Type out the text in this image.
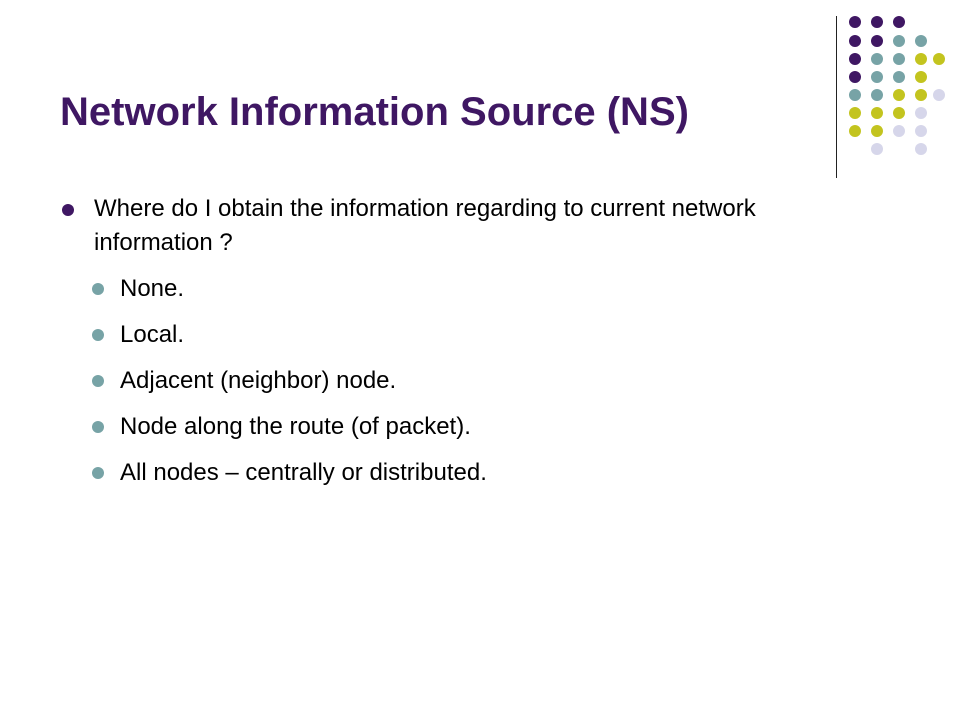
Network Information Source (NS)
Where do I obtain the information regarding to current network information ?
None.
Local.
Adjacent (neighbor) node.
Node along the route (of packet).
All nodes – centrally or distributed.
